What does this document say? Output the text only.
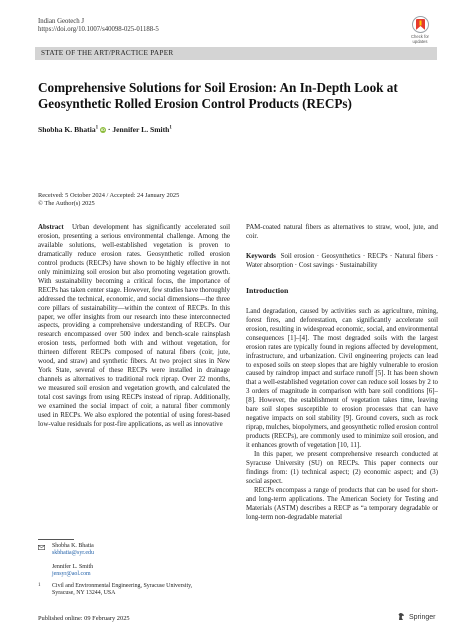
Indian Geotech J
https://doi.org/10.1007/s40098-025-01188-5
Check for
updates
STATE OF THE ART/PRACTICE PAPER
Comprehensive Solutions for Soil Erosion: An In-Depth Look at Geosynthetic Rolled Erosion Control Products (RECPs)
Shobha K. Bhatia$^1$ iD · Jennifer L. Smith$^1$
Received: 5 October 2024 / Accepted: 24 January 2025
© The Author(s) 2025

Abstract Urban development has significantly accelerated soil erosion, presenting a serious environmental challenge. Among the available solutions, well-established vegetation is proven to dramatically reduce erosion rates. Geosynthetic rolled erosion control products (RECPs) have shown to be highly effective in not only minimizing soil erosion but also promoting vegetation growth. With sustainability becoming a critical focus, the importance of RECPs has taken center stage. However, few studies have thoroughly addressed the technical, economic, and social dimensions—the three core pillars of sustainability—within the context of RECPs. In this paper, we offer insights from our research into these interconnected aspects, providing a comprehensive understanding of RECPs. Our research encompassed over 500 index and bench-scale rainsplash erosion tests, performed both with and without vegetation, for thirteen different RECPs composed of natural fibers (coir, jute, wood, and straw) and synthetic fibers. At two project sites in New York State, several of these RECPs were installed in drainage channels as alternatives to traditional rock riprap. Over 22 months, we measured soil erosion and vegetation growth, and calculated the total cost savings from using RECPs instead of riprap. Additionally, we examined the social impact of coir, a natural fiber commonly used in RECPs. We also explored the potential of using forest-based low-value residuals for post-fire applications, as well as innovative

PAM-coated natural fibers as alternatives to straw, wool, jute, and coir.

Keywords Soil erosion · Geosynthetics · RECPs · Natural fibers · Water absorption · Cost savings · Sustainability

Introduction

Land degradation, caused by activities such as agriculture, mining, forest fires, and deforestation, can significantly accelerate soil erosion, resulting in widespread economic, social, and environmental consequences [1]–[4]. The most degraded soils with the largest erosion rates are typically found in regions affected by development, infrastructure, and urbanization. Civil engineering projects can lead to exposed soils on steep slopes that are highly vulnerable to erosion caused by raindrop impact and surface runoff [5]. It has been shown that a well-established vegetation cover can reduce soil losses by 2 to 3 orders of magnitude in comparison with bare soil conditions [6]–[8]. However, the establishment of vegetation takes time, leaving bare soil slopes susceptible to erosion processes that can have negative impacts on soil stability [9]. Ground covers, such as rock riprap, mulches, biopolymers, and geosynthetic rolled erosion control products (RECPs), are commonly used to minimize soil erosion, and it enhances growth of vegetation [10, 11].

In this paper, we present comprehensive research conducted at Syracuse University (SU) on RECPs. This paper connects our findings from: (1) technical aspect; (2) economic aspect; and (3) social aspect.

RECPs encompass a range of products that can be used for short- and long-term applications. The American Society for Testing and Materials (ASTM) describes a RECP as “a temporary degradable or long-term non-degradable material

Shobha K. Bhatia
skbhatia@syr.edu
Jennifer L. Smith
jensyr@aol.com
1 Civil and Environmental Engineering, Syracuse University,
Syracuse, NY 13244, USA
Published online: 09 February 2025	Springer
